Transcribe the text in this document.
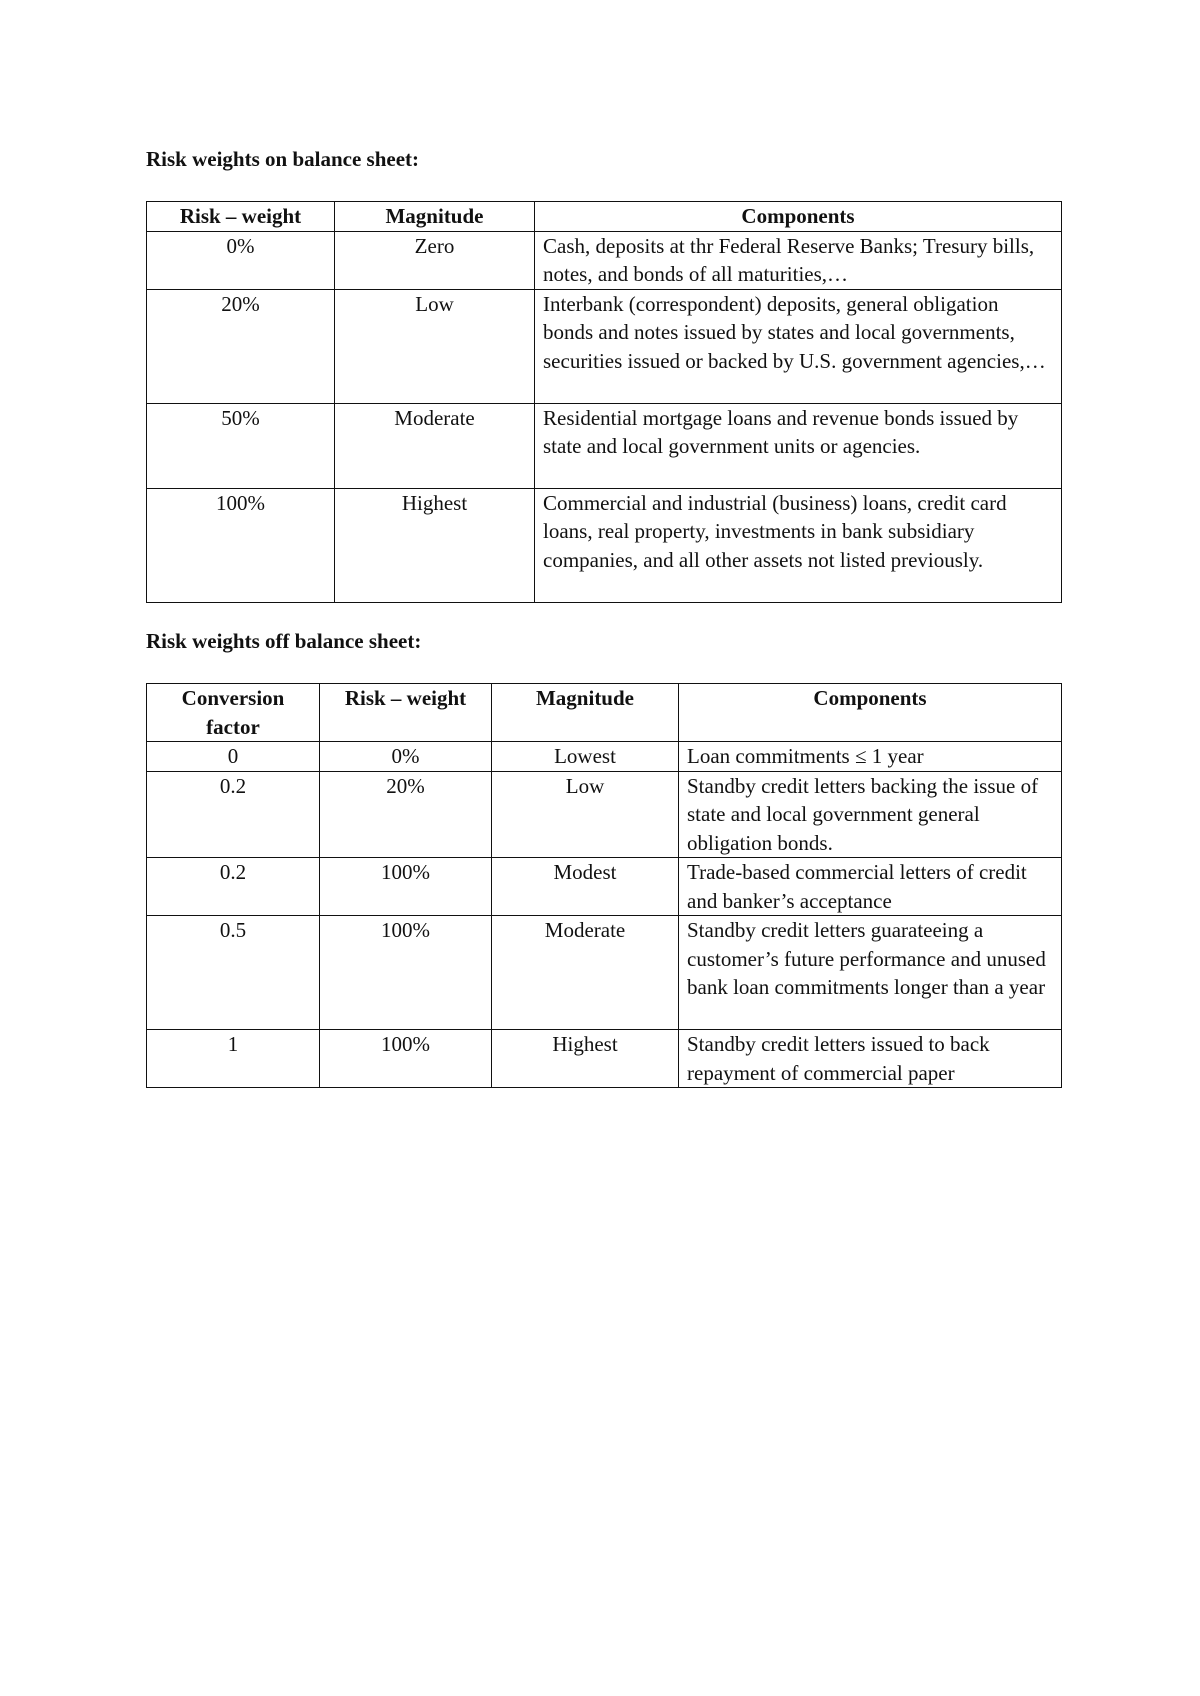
Risk weights on balance sheet:
Risk – weight	Magnitude	Components
0%	Zero	Cash, deposits at thr Federal Reserve Banks; Tresury bills, notes, and bonds of all maturities,…
20%	Low	Interbank (correspondent) deposits, general obligation bonds and notes issued by states and local governments, securities issued or backed by U.S. government agencies,…
50%	Moderate	Residential mortgage loans and revenue bonds issued by state and local government units or agencies.
100%	Highest	Commercial and industrial (business) loans, credit card loans, real property, investments in bank subsidiary companies, and all other assets not listed previously.
Risk weights off balance sheet:
Conversion factor	Risk – weight	Magnitude	Components
0	0%	Lowest	Loan commitments ≤ 1 year
0.2	20%	Low	Standby credit letters backing the issue of state and local government general obligation bonds.
0.2	100%	Modest	Trade-based commercial letters of credit and banker’s acceptance
0.5	100%	Moderate	Standby credit letters guarateeing a customer’s future performance and unused bank loan commitments longer than a year
1	100%	Highest	Standby credit letters issued to back repayment of commercial paper
